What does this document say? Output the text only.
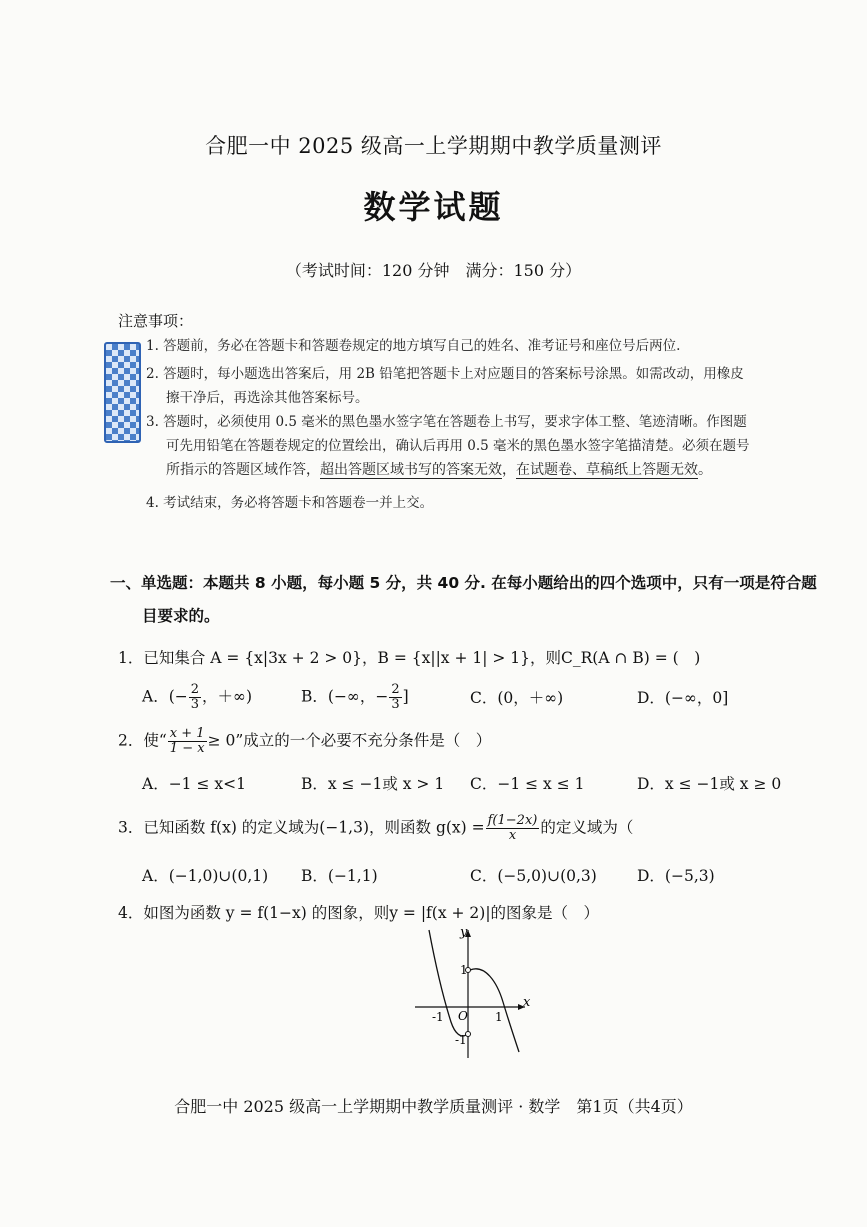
合肥一中 2025 级高一上学期期中教学质量测评
数学试题
（考试时间：120 分钟　满分：150 分）
注意事项：
1. 答题前，务必在答题卡和答题卷规定的地方填写自己的姓名、准考证号和座位号后两位.
2. 答题时，每小题选出答案后，用 2B 铅笔把答题卡上对应题目的答案标号涂黑。如需改动，用橡皮
擦干净后，再选涂其他答案标号。
3. 答题时，必须使用 0.5 毫米的黑色墨水签字笔在答题卷上书写，要求字体工整、笔迹清晰。作图题
可先用铅笔在答题卷规定的位置绘出，确认后再用 0.5 毫米的黑色墨水签字笔描清楚。必须在题号
所指示的答题区域作答，超出答题区域书写的答案无效，在试题卷、草稿纸上答题无效。
4. 考试结束，务必将答题卡和答题卷一并上交。
一、单选题：本题共 8 小题，每小题 5 分，共 40 分. 在每小题给出的四个选项中，只有一项是符合题
目要求的。
1．已知集合 A = {x|3x + 2 > 0}，B = {x||x + 1| > 1}，则C_R(A ∩ B) = (　)
A．(− $\frac{2}{3}$ ，＋∞)	B．(−∞，− $\frac{2}{3}$ ]	C．(0，＋∞)	D．(−∞，0]
2．使“ $\frac{x + 1}{1 - x} \ge 0$”成立的一个必要不充分条件是（　）
A．−1 ≤ x<1	B．x ≤ −1或 x > 1 C．−1 ≤ x ≤ 1	D．x ≤ −1或 x ≥ 0
3．已知函数 f(x) 的定义域为(−1,3)，则函数 $g(x) = \frac{f(1-2x)}{x}$ 的定义域为（
A．(−1,0)∪(0,1) B．(−1,1)	C．(−5,0)∪(0,3)	D．(−5,3)
4．如图为函数 y = f(1−x) 的图象，则y = |f(x + 2)|的图象是（　）
y
x
O
1
-1
-1	1
合肥一中 2025 级高一上学期期中教学质量测评 · 数学　第1页（共4页）
